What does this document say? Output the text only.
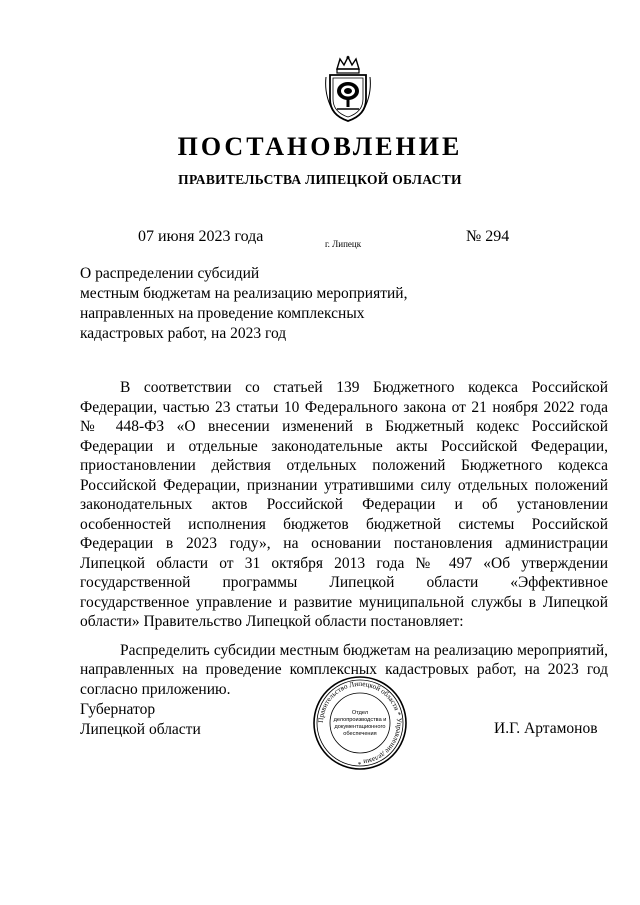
ПОСТАНОВЛЕНИЕ
ПРАВИТЕЛЬСТВА ЛИПЕЦКОЙ ОБЛАСТИ
07 июня 2023 года	г. Липецк	№ 294
О распределении субсидий
местным бюджетам на реализацию мероприятий,
направленных на проведение комплексных
кадастровых работ, на 2023 год

В соответствии со статьей 139 Бюджетного кодекса Российской Федерации, частью 23 статьи 10 Федерального закона от 21 ноября 2022 года № 448-ФЗ «О внесении изменений в Бюджетный кодекс Российской Федерации и отдельные законодательные акты Российской Федерации, приостановлении действия отдельных положений Бюджетного кодекса Российской Федерации, признании утратившими силу отдельных положений законодательных актов Российской Федерации и об установлении особенностей исполнения бюджетов бюджетной системы Российской Федерации в 2023 году», на основании постановления администрации Липецкой области от 31 октября 2013 года № 497 «Об утверждении государственной программы Липецкой области «Эффективное государственное управление и развитие муниципальной службы в Липецкой области» Правительство Липецкой области постановляет:

Распределить субсидии местным бюджетам на реализацию мероприятий, направленных на проведение комплексных кадастровых работ, на 2023 год согласно приложению.

Губернатор
Липецкой области
Правительство Липецкой области * Управление делами *
Отдел
делопроизводства и
документационного
обеспечения	И.Г. Артамонов
